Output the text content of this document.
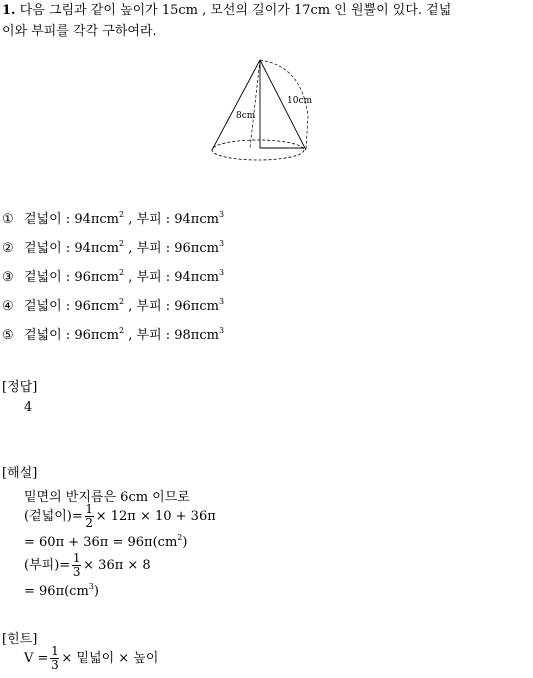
1. 다음 그림과 같이 높이가 15cm , 모선의 길이가 17cm 인 원뿔이 있다. 겉넓
이와 부피를 각각 구하여라.
10cm
8cm
① 겉넓이 : 94πcm$^2$ , 부피 : 94πcm$^3$
② 겉넓이 : 94πcm$^2$ , 부피 : 96πcm$^3$
③ 겉넓이 : 96πcm$^2$ , 부피 : 94πcm$^3$
④ 겉넓이 : 96πcm$^2$ , 부피 : 96πcm$^3$
⑤ 겉넓이 : 96πcm$^2$ , 부피 : 98πcm$^3$
[정답]
4
[해설]
밑면의 반지름은 6cm 이므로
(겉넓이)= $\frac{1}{2} \times 12\pi \times 10 + 36\pi$
= $60\pi + 36\pi = 96\pi(cm^2)$
(부피)= $\frac{1}{3} \times 36\pi \times 8$
= $96\pi(cm^3)$
[힌트]
$V = \frac{1}{3}$ × 밑넓이 × 높이
